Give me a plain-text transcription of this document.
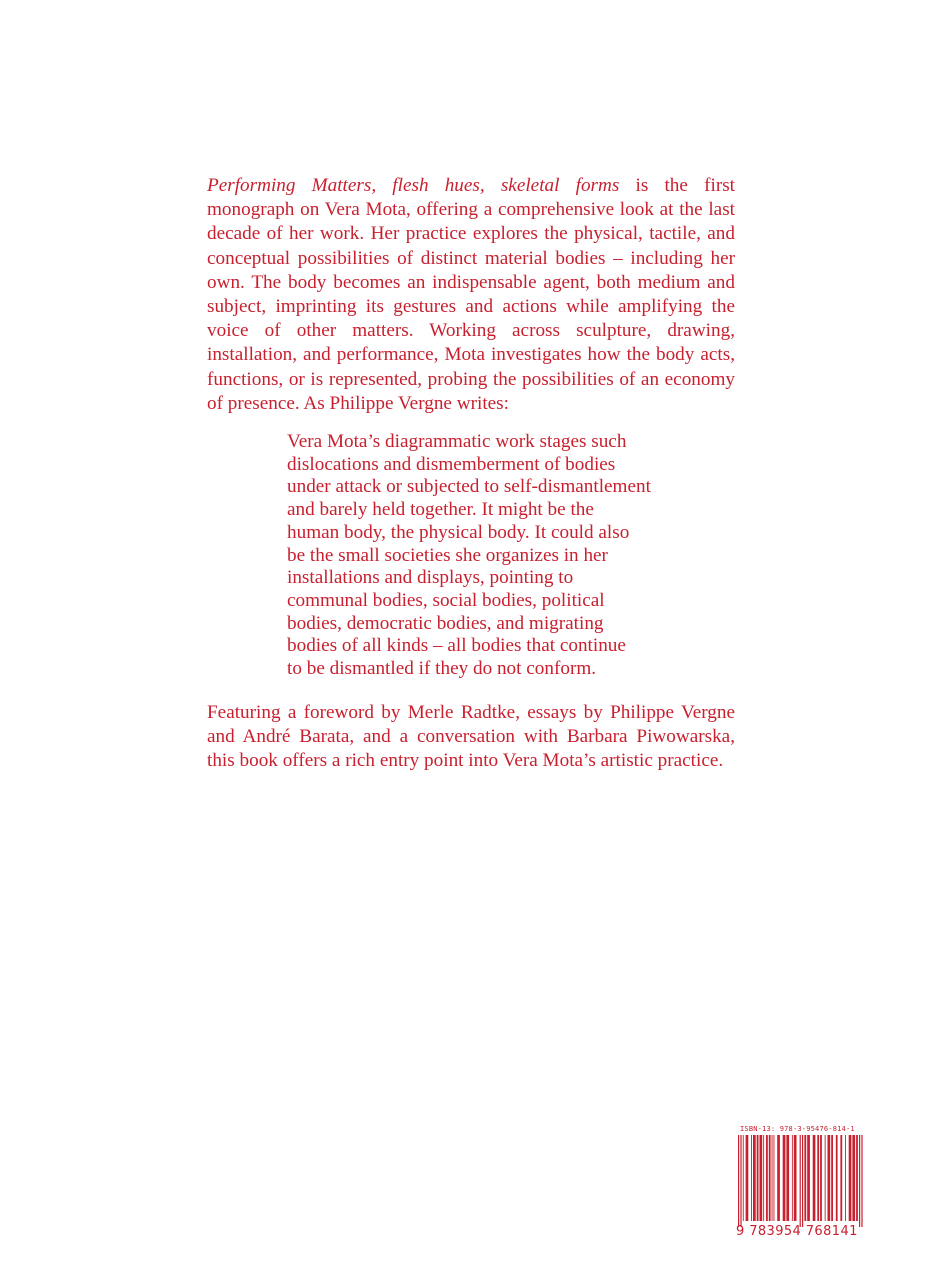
Performing Matters, flesh hues, skeletal forms is the first monograph on Vera Mota, offering a comprehensive look at the last decade of her work. Her practice explores the physical, tactile, and conceptual possibilities of distinct material bodies – including her own. The body becomes an indispensable agent, both medium and subject, imprinting its gestures and actions while amplifying the voice of other matters. Working across sculpture, drawing, installation, and performance, Mota investigates how the body acts, functions, or is represented, probing the possibilities of an economy of presence. As Philippe Vergne writes:

Vera Mota’s diagrammatic work stages such
dislocations and dismemberment of bodies
under attack or subjected to self-dismantlement
and barely held together. It might be the
human body, the physical body. It could also
be the small societies she organizes in her
installations and displays, pointing to
communal bodies, social bodies, political
bodies, democratic bodies, and migrating
bodies of all kinds – all bodies that continue
to be dismantled if they do not conform.

Featuring a foreword by Merle Radtke, essays by Philippe Vergne and André Barata, and a conversation with Barbara Piwowarska, this book offers a rich entry point into Vera Mota’s artistic practice.

ISBN-13: 978-3-95476-814-1
9 783954 768141
